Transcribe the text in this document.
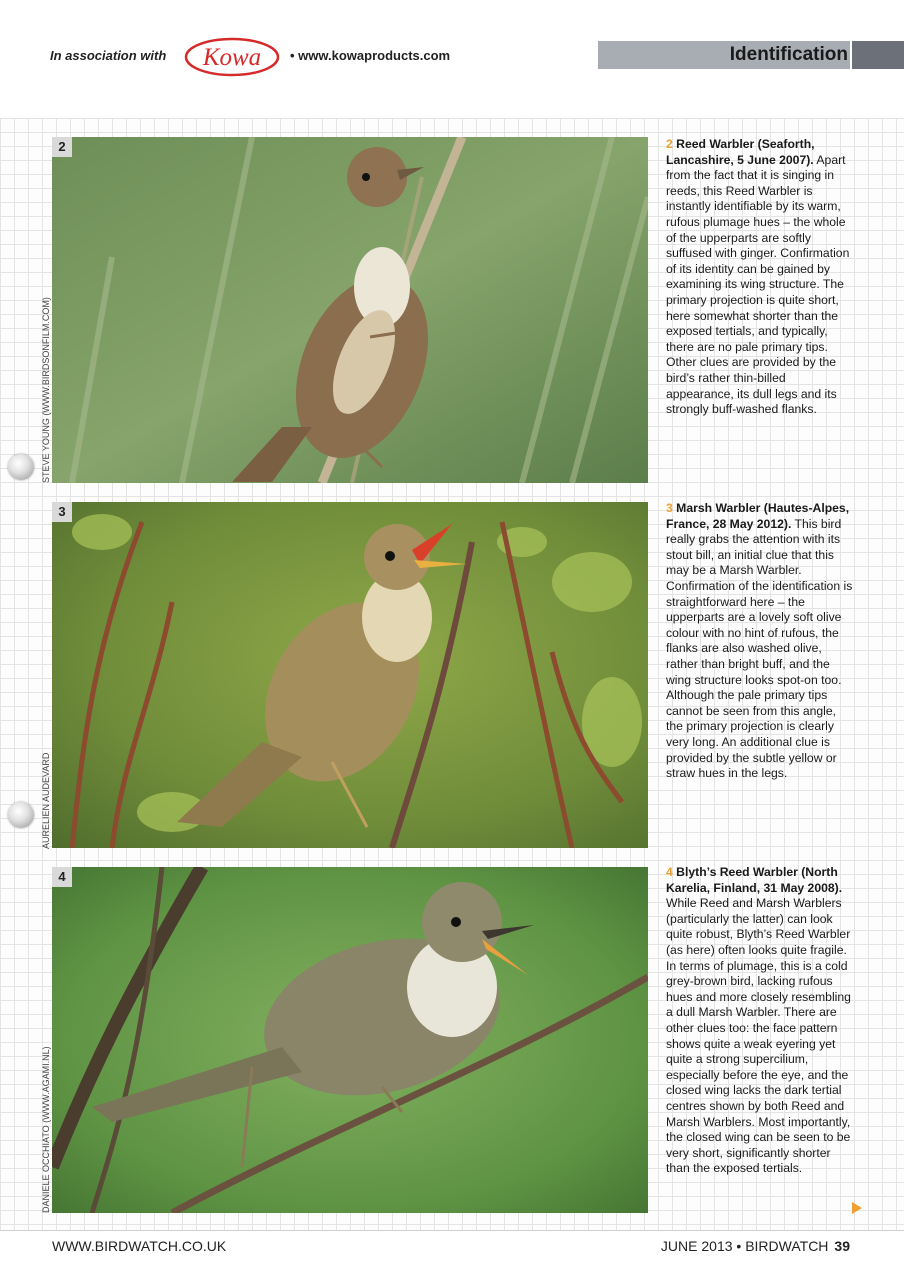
In association with Kowa • www.kowaproducts.com	Identification
2
STEVE YOUNG (WWW.BIRDSONFILM.COM)
3
AURELIEN AUDEVARD
4
DANIELE OCCHIATO (WWW.AGAMI.NL)
2 Reed Warbler (Seaforth, Lancashire, 5 June 2007). Apart from the fact that it is singing in reeds, this Reed Warbler is instantly identifiable by its warm, rufous plumage hues – the whole of the upperparts are softly suffused with ginger. Confirmation of its identity can be gained by examining its wing structure. The primary projection is quite short, here somewhat shorter than the exposed tertials, and typically, there are no pale primary tips. Other clues are provided by the bird’s rather thin-billed appearance, its dull legs and its strongly buff-washed flanks.
3 Marsh Warbler (Hautes-Alpes, France, 28 May 2012). This bird really grabs the attention with its stout bill, an initial clue that this may be a Marsh Warbler. Confirmation of the identification is straightforward here – the upperparts are a lovely soft olive colour with no hint of rufous, the flanks are also washed olive, rather than bright buff, and the wing structure looks spot-on too. Although the pale primary tips cannot be seen from this angle, the primary projection is clearly very long. An additional clue is provided by the subtle yellow or straw hues in the legs.
4 Blyth’s Reed Warbler (North Karelia, Finland, 31 May 2008). While Reed and Marsh Warblers (particularly the latter) can look quite robust, Blyth’s Reed Warbler (as here) often looks quite fragile. In terms of plumage, this is a cold grey-brown bird, lacking rufous hues and more closely resembling a dull Marsh Warbler. There are other clues too: the face pattern shows quite a weak eyering yet quite a strong supercilium, especially before the eye, and the closed wing lacks the dark tertial centres shown by both Reed and Marsh Warblers. Most importantly, the closed wing can be seen to be very short, significantly shorter than the exposed tertials.
WWW.BIRDWATCH.CO.UK	JUNE 2013 • BIRDWATCH 39
